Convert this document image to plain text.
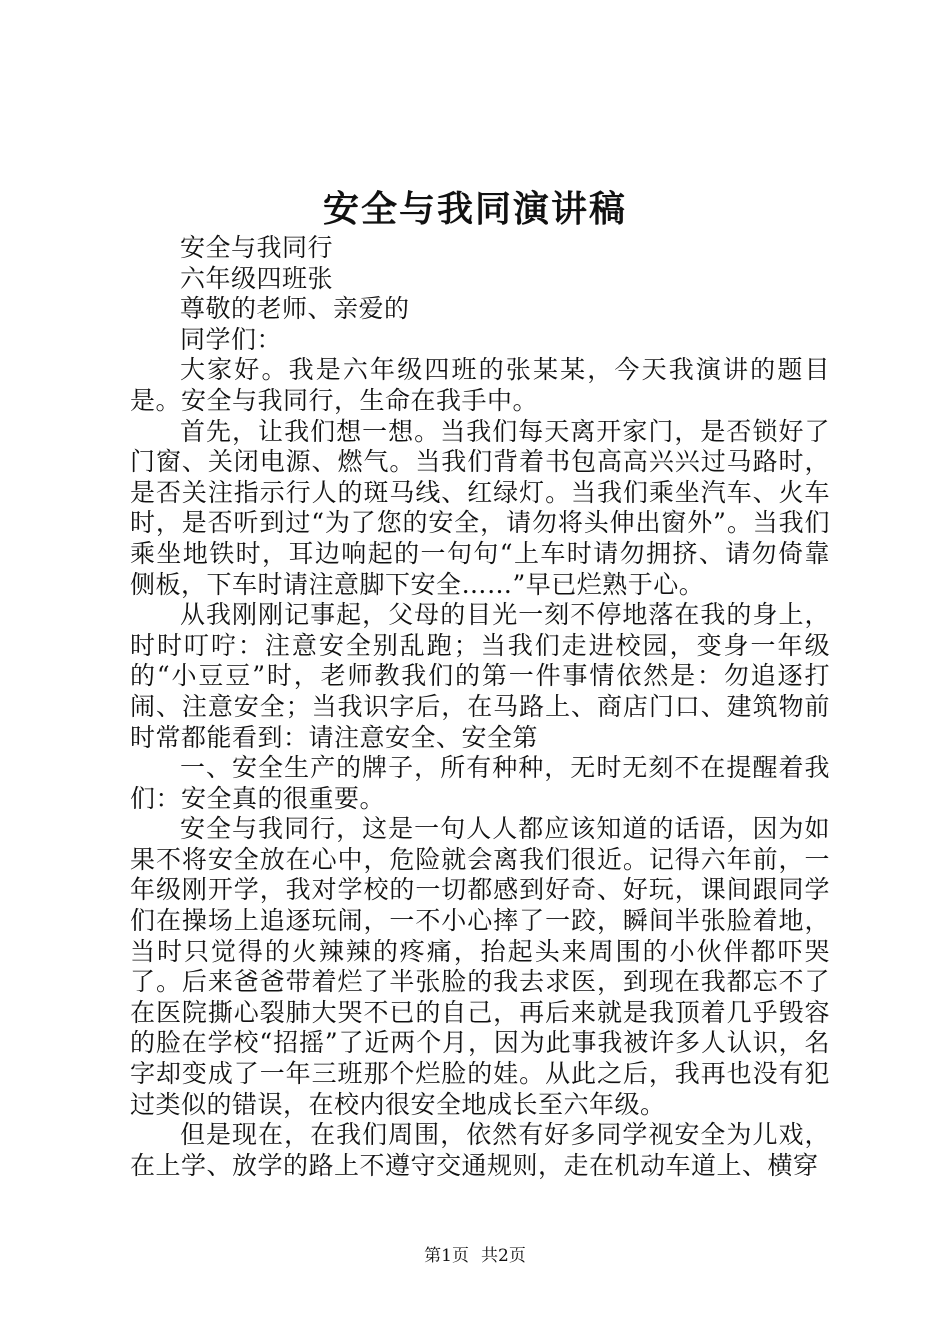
安全与我同演讲稿

安全与我同行

六年级四班张

尊敬的老师、亲爱的

同学们：

大家好。我是六年级四班的张某某，今天我演讲的题目是。安全与我同行，生命在我手中。

首先，让我们想一想。当我们每天离开家门，是否锁好了门窗、关闭电源、燃气。当我们背着书包高高兴兴过马路时，是否关注指示行人的斑马线、红绿灯。当我们乘坐汽车、火车时，是否听到过“为了您的安全，请勿将头伸出窗外”。当我们乘坐地铁时，耳边响起的一句句“上车时请勿拥挤、请勿倚靠侧板，下车时请注意脚下安全……”早已烂熟于心。

从我刚刚记事起，父母的目光一刻不停地落在我的身上，时时叮咛：注意安全别乱跑；当我们走进校园，变身一年级的“小豆豆”时，老师教我们的第一件事情依然是：勿追逐打闹、注意安全；当我识字后，在马路上、商店门口、建筑物前时常都能看到：请注意安全、安全第

一、安全生产的牌子，所有种种，无时无刻不在提醒着我们：安全真的很重要。

安全与我同行，这是一句人人都应该知道的话语，因为如果不将安全放在心中，危险就会离我们很近。记得六年前，一年级刚开学，我对学校的一切都感到好奇、好玩，课间跟同学们在操场上追逐玩闹，一不小心摔了一跤，瞬间半张脸着地，当时只觉得的火辣辣的疼痛，抬起头来周围的小伙伴都吓哭了。后来爸爸带着烂了半张脸的我去求医，到现在我都忘不了在医院撕心裂肺大哭不已的自己，再后来就是我顶着几乎毁容的脸在学校“招摇”了近两个月，因为此事我被许多人认识，名字却变成了一年三班那个烂脸的娃。从此之后，我再也没有犯过类似的错误，在校内很安全地成长至六年级。

但是现在，在我们周围，依然有好多同学视安全为儿戏，在上学、放学的路上不遵守交通规则，走在机动车道上、横穿

第1页 共2页
